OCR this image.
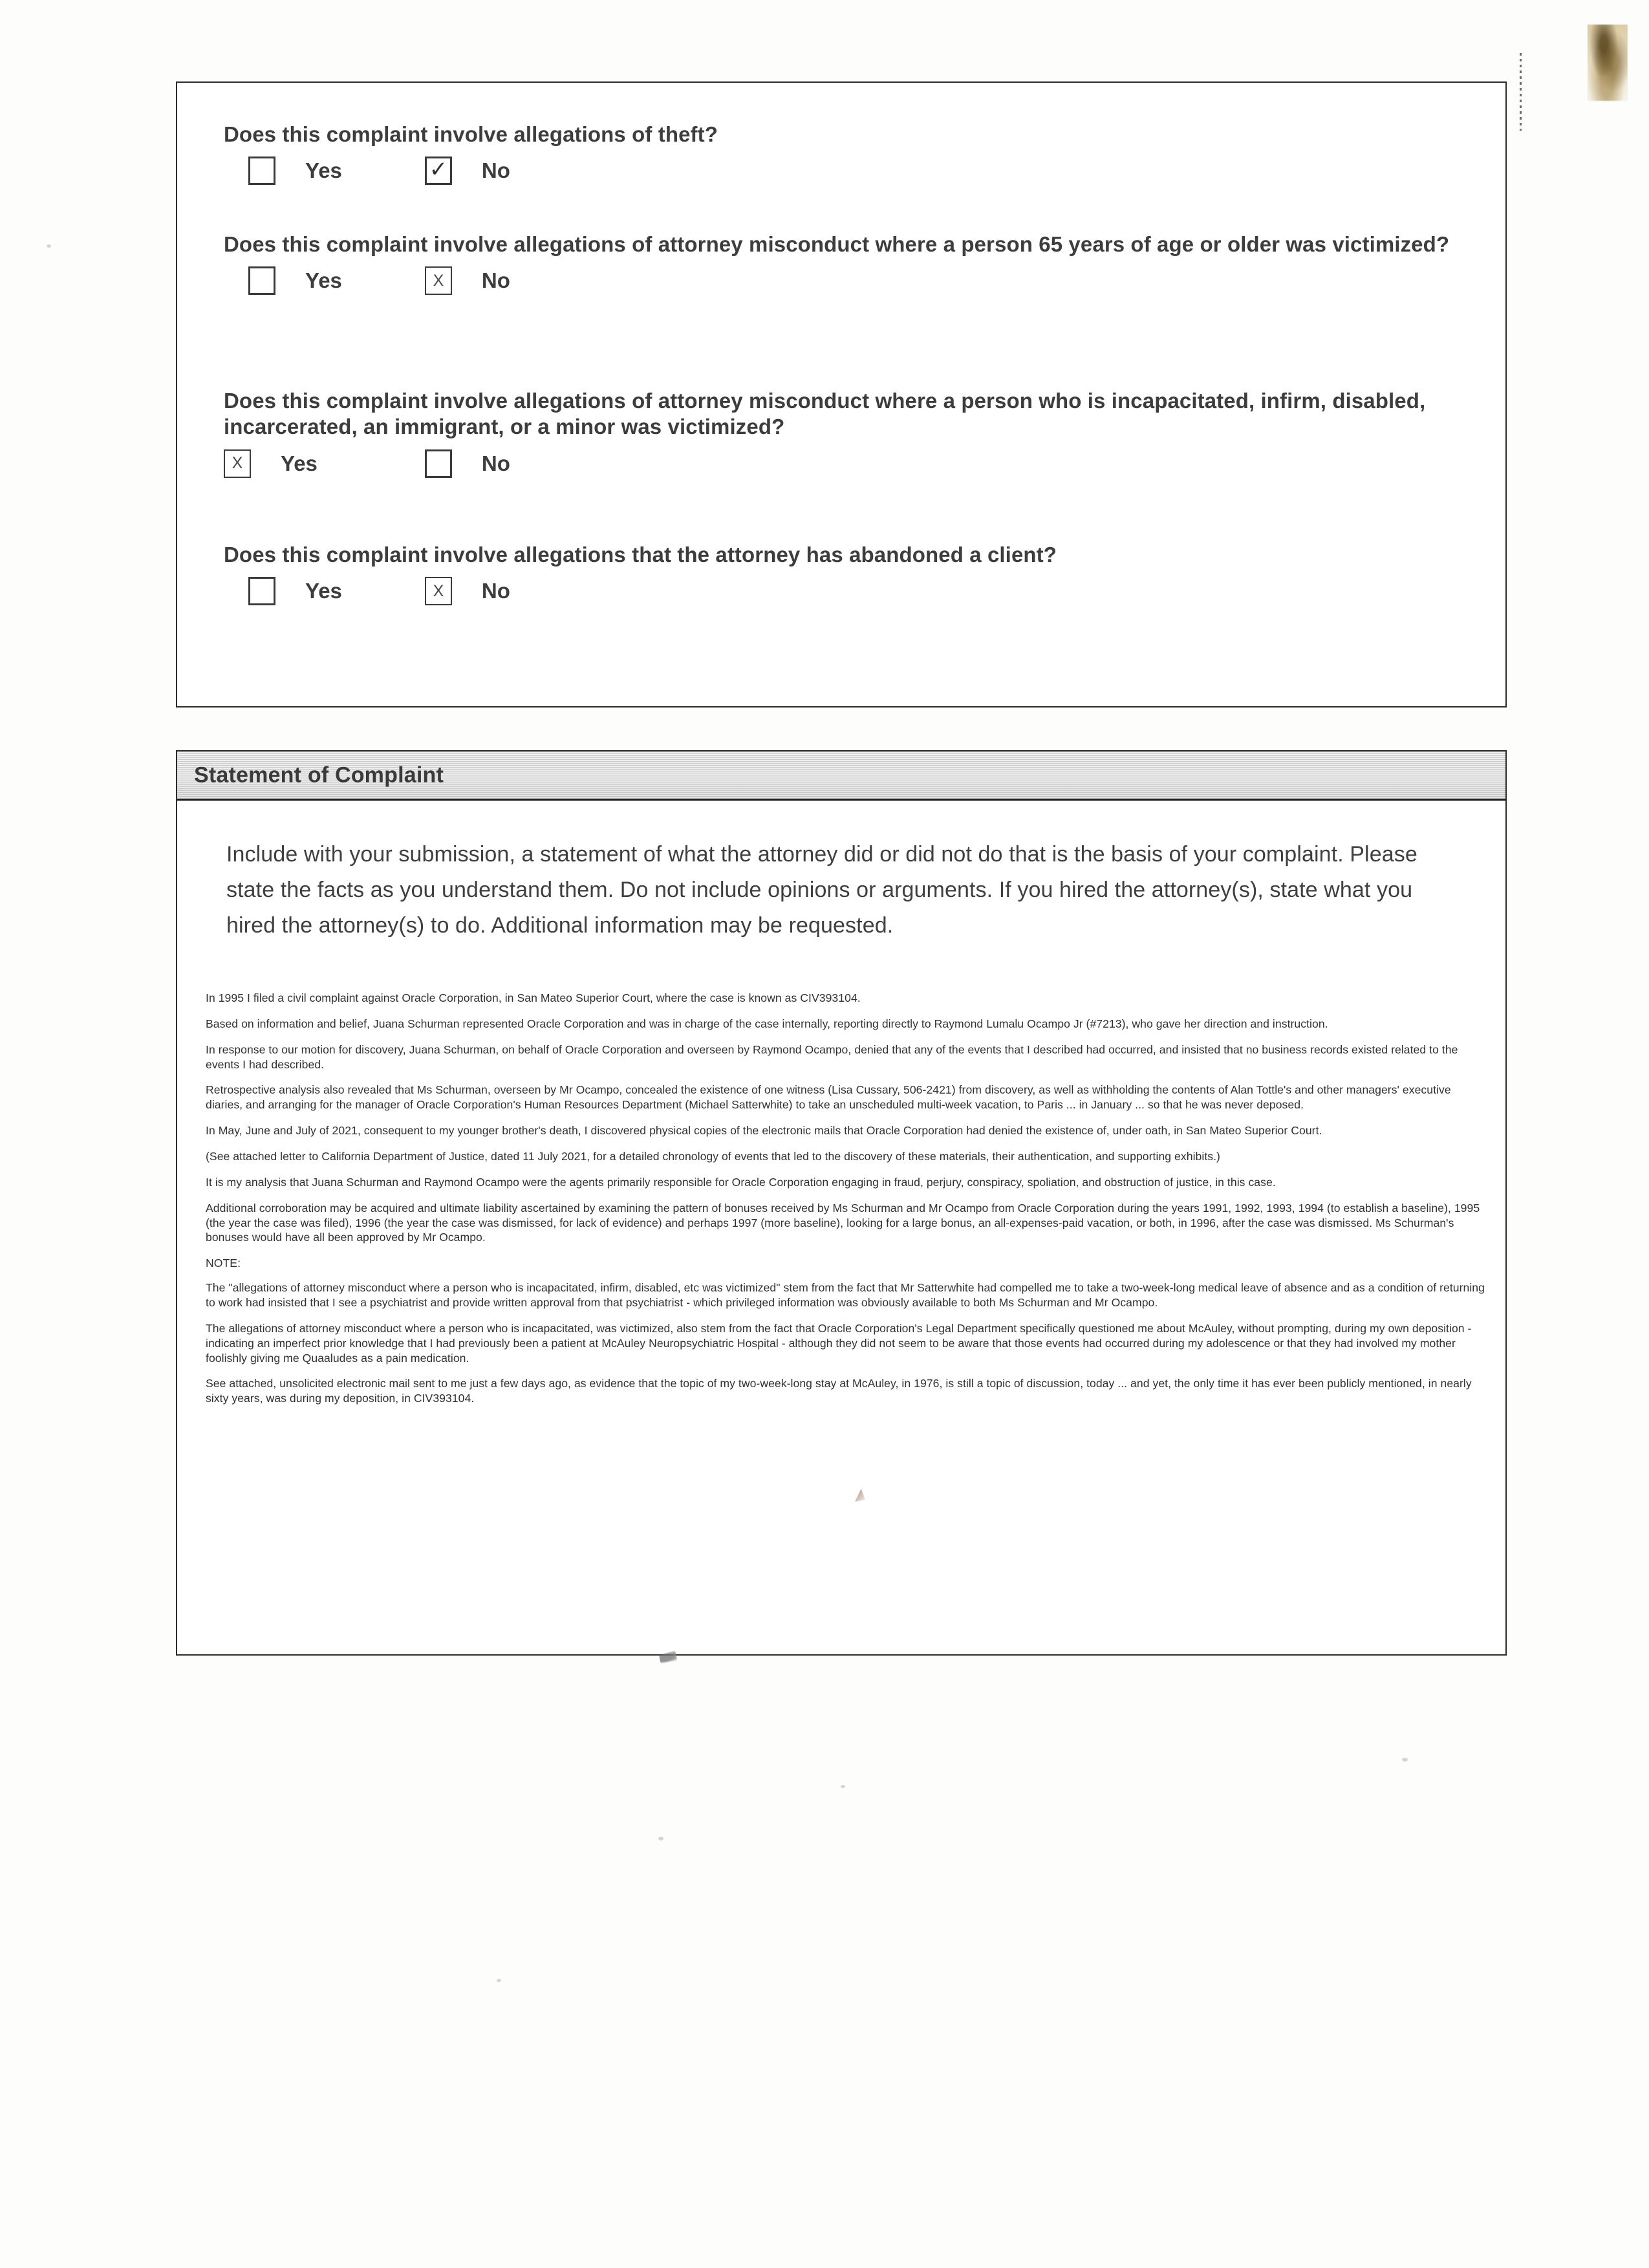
Does this complaint involve allegations of theft?
Yes	✓ No
Does this complaint involve allegations of attorney misconduct where a person 65 years of age or older was victimized?
Yes	X No
Does this complaint involve allegations of attorney misconduct where a person who is incapacitated, infirm, disabled, incarcerated, an immigrant, or a minor was victimized?
X Yes	No
Does this complaint involve allegations that the attorney has abandoned a client?
Yes	X No
Statement of Complaint
Include with your submission, a statement of what the attorney did or did not do that is the basis of your complaint. Please state the facts as you understand them. Do not include opinions or arguments. If you hired the attorney(s), state what you hired the attorney(s) to do. Additional information may be requested.

In 1995 I filed a civil complaint against Oracle Corporation, in San Mateo Superior Court, where the case is known as CIV393104.

Based on information and belief, Juana Schurman represented Oracle Corporation and was in charge of the case internally, reporting directly to Raymond Lumalu Ocampo Jr (#7213), who gave her direction and instruction.

In response to our motion for discovery, Juana Schurman, on behalf of Oracle Corporation and overseen by Raymond Ocampo, denied that any of the events that I described had occurred, and insisted that no business records existed related to the events I had described.

Retrospective analysis also revealed that Ms Schurman, overseen by Mr Ocampo, concealed the existence of one witness (Lisa Cussary, 506-2421) from discovery, as well as withholding the contents of Alan Tottle's and other managers' executive diaries, and arranging for the manager of Oracle Corporation's Human Resources Department (Michael Satterwhite) to take an unscheduled multi-week vacation, to Paris ... in January ... so that he was never deposed.

In May, June and July of 2021, consequent to my younger brother's death, I discovered physical copies of the electronic mails that Oracle Corporation had denied the existence of, under oath, in San Mateo Superior Court.

(See attached letter to California Department of Justice, dated 11 July 2021, for a detailed chronology of events that led to the discovery of these materials, their authentication, and supporting exhibits.)

It is my analysis that Juana Schurman and Raymond Ocampo were the agents primarily responsible for Oracle Corporation engaging in fraud, perjury, conspiracy, spoliation, and obstruction of justice, in this case.

Additional corroboration may be acquired and ultimate liability ascertained by examining the pattern of bonuses received by Ms Schurman and Mr Ocampo from Oracle Corporation during the years 1991, 1992, 1993, 1994 (to establish a baseline), 1995 (the year the case was filed), 1996 (the year the case was dismissed, for lack of evidence) and perhaps 1997 (more baseline), looking for a large bonus, an all-expenses-paid vacation, or both, in 1996, after the case was dismissed. Ms Schurman's bonuses would have all been approved by Mr Ocampo.

NOTE:

The "allegations of attorney misconduct where a person who is incapacitated, infirm, disabled, etc was victimized" stem from the fact that Mr Satterwhite had compelled me to take a two-week-long medical leave of absence and as a condition of returning to work had insisted that I see a psychiatrist and provide written approval from that psychiatrist - which privileged information was obviously available to both Ms Schurman and Mr Ocampo.

The allegations of attorney misconduct where a person who is incapacitated, was victimized, also stem from the fact that Oracle Corporation's Legal Department specifically questioned me about McAuley, without prompting, during my own deposition - indicating an imperfect prior knowledge that I had previously been a patient at McAuley Neuropsychiatric Hospital - although they did not seem to be aware that those events had occurred during my adolescence or that they had involved my mother foolishly giving me Quaaludes as a pain medication.

See attached, unsolicited electronic mail sent to me just a few days ago, as evidence that the topic of my two-week-long stay at McAuley, in 1976, is still a topic of discussion, today ... and yet, the only time it has ever been publicly mentioned, in nearly sixty years, was during my deposition, in CIV393104.
